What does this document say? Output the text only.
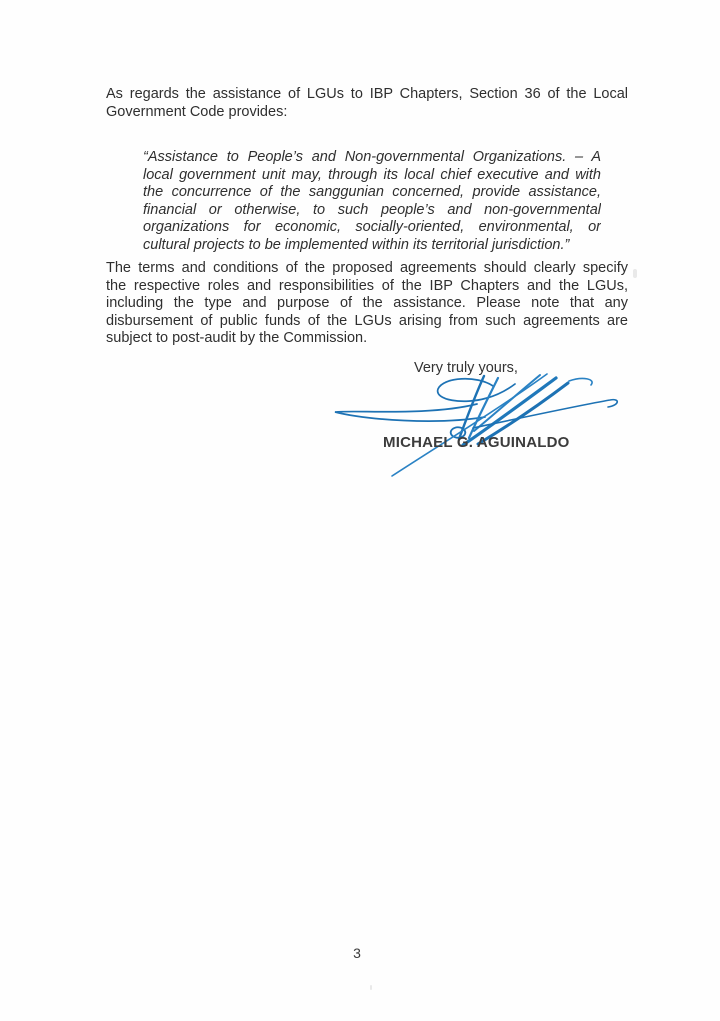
As regards the assistance of LGUs to IBP Chapters, Section 36 of the Local
Government Code provides:
“Assistance to People’s and Non-governmental Organizations. – A
local government unit may, through its local chief executive and with
the concurrence of the sanggunian concerned, provide assistance,
financial or otherwise, to such people’s and non-governmental
organizations for economic, socially-oriented, environmental, or
cultural projects to be implemented within its territorial jurisdiction.”
The terms and conditions of the proposed agreements should clearly specify
the respective roles and responsibilities of the IBP Chapters and the LGUs,
including the type and purpose of the assistance. Please note that any
disbursement of public funds of the LGUs arising from such agreements are
subject to post-audit by the Commission.
Very truly yours,
MICHAEL G. AGUINALDO
3
